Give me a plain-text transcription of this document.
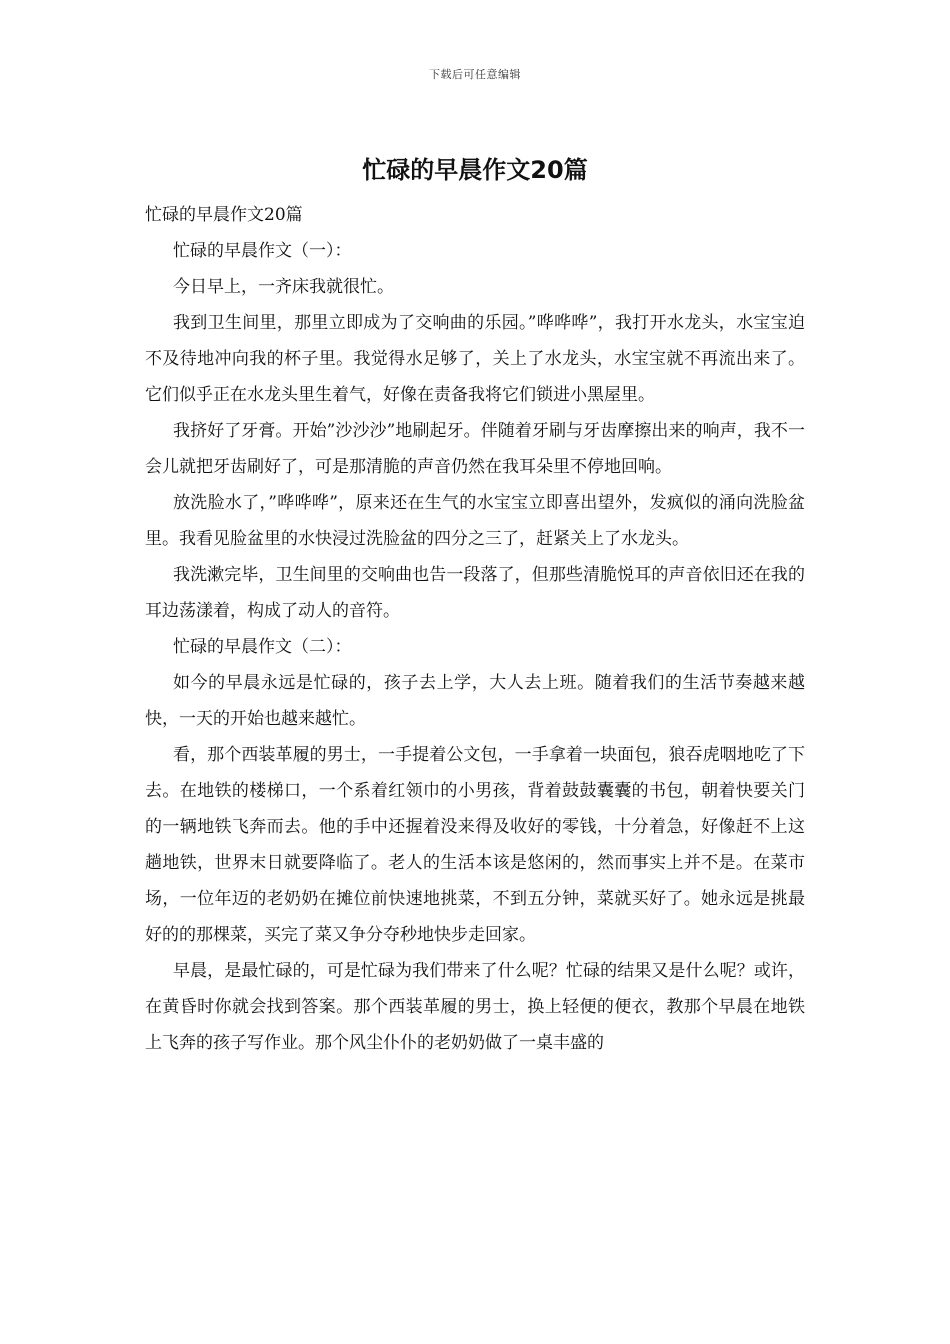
下载后可任意编辑
忙碌的早晨作文20篇

忙碌的早晨作文20篇

忙碌的早晨作文（一）：

今日早上，一齐床我就很忙。

我到卫生间里，那里立即成为了交响曲的乐园。”哗哗哗”，我打开水龙头，水宝宝迫不及待地冲向我的杯子里。我觉得水足够了，关上了水龙头，水宝宝就不再流出来了。它们似乎正在水龙头里生着气，好像在责备我将它们锁进小黑屋里。

我挤好了牙膏。开始”沙沙沙”地刷起牙。伴随着牙刷与牙齿摩擦出来的响声，我不一会儿就把牙齿刷好了，可是那清脆的声音仍然在我耳朵里不停地回响。

放洗脸水了，”哗哗哗”，原来还在生气的水宝宝立即喜出望外，发疯似的涌向洗脸盆里。我看见脸盆里的水快浸过洗脸盆的四分之三了，赶紧关上了水龙头。

我洗漱完毕，卫生间里的交响曲也告一段落了，但那些清脆悦耳的声音依旧还在我的耳边荡漾着，构成了动人的音符。

忙碌的早晨作文（二）：

如今的早晨永远是忙碌的，孩子去上学，大人去上班。随着我们的生活节奏越来越快，一天的开始也越来越忙。

看，那个西装革履的男士，一手提着公文包，一手拿着一块面包，狼吞虎咽地吃了下去。在地铁的楼梯口，一个系着红领巾的小男孩，背着鼓鼓囊囊的书包，朝着快要关门的一辆地铁飞奔而去。他的手中还握着没来得及收好的零钱，十分着急，好像赶不上这趟地铁，世界末日就要降临了。老人的生活本该是悠闲的，然而事实上并不是。在菜市场，一位年迈的老奶奶在摊位前快速地挑菜，不到五分钟，菜就买好了。她永远是挑最好的的那棵菜，买完了菜又争分夺秒地快步走回家。

早晨，是最忙碌的，可是忙碌为我们带来了什么呢？忙碌的结果又是什么呢？或许，在黄昏时你就会找到答案。那个西装革履的男士，换上轻便的便衣，教那个早晨在地铁上飞奔的孩子写作业。那个风尘仆仆的老奶奶做了一桌丰盛的
